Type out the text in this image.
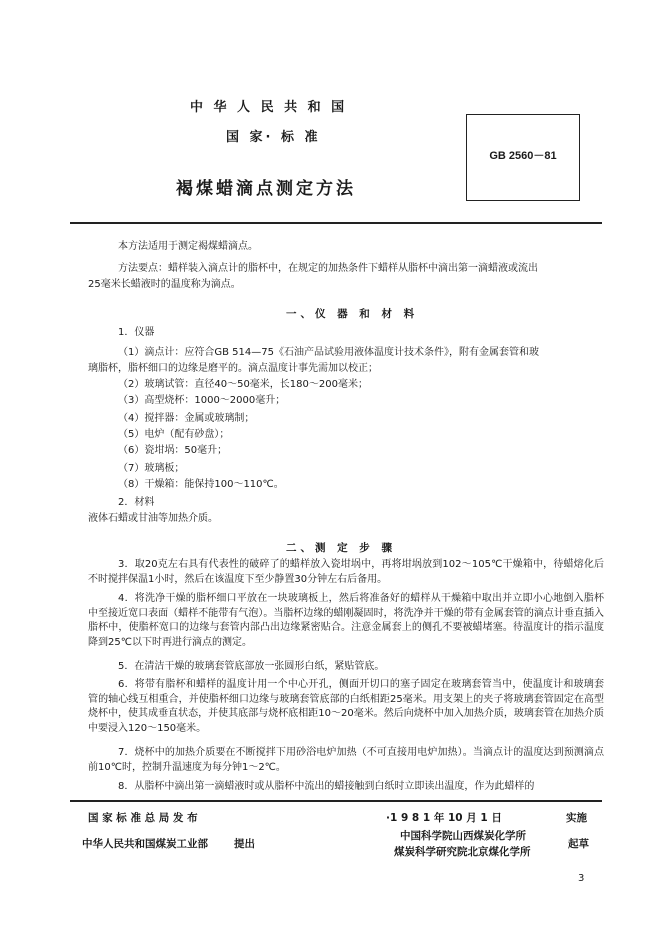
中 华 人 民 共 和 国
国 家· 标 准
褐煤蜡滴点测定方法
GB 2560－81
本方法适用于测定褐煤蜡滴点。
方法要点：蜡样装入滴点计的脂杯中，在规定的加热条件下蜡样从脂杯中滴出第一滴蜡液或流出
25毫米长蜡液时的温度称为滴点。
一、仪 器 和 材 料
1．仪器
（1）滴点计：应符合GB 514—75《石油产品试验用液体温度计技术条件》，附有金属套管和玻
璃脂杯，脂杯细口的边缘是磨平的。滴点温度计事先需加以校正；
（2）玻璃试管：直径40～50毫米，长180～200毫米；
（3）高型烧杯：1000～2000毫升；
（4）搅拌器：金属或玻璃制；
（5）电炉（配有砂盘）；
（6）瓷坩埚：50毫升；
（7）玻璃板；
（8）干燥箱：能保持100～110℃。
2．材料
液体石蜡或甘油等加热介质。
二、测 定 步 骤
3．取20克左右具有代表性的破碎了的蜡样放入瓷坩埚中，再将坩埚放到102～105℃干燥箱中，待蜡熔化后不时搅拌保温1小时，然后在该温度下至少静置30分钟左右后备用。
4．将洗净干燥的脂杯细口平放在一块玻璃板上，然后将准备好的蜡样从干燥箱中取出并立即小心地倒入脂杯中至接近宽口表面（蜡样不能带有气泡）。当脂杯边缘的蜡刚凝固时，将洗净并干燥的带有金属套管的滴点计垂直插入脂杯中，使脂杯宽口的边缘与套管内部凸出边缘紧密贴合。注意金属套上的侧孔不要被蜡堵塞。待温度计的指示温度降到25℃以下时再进行滴点的测定。
5．在清洁干燥的玻璃套管底部放一张圆形白纸，紧贴管底。
6．将带有脂杯和蜡样的温度计用一个中心开孔，侧面开切口的塞子固定在玻璃套管当中，使温度计和玻璃套管的轴心线互相重合，并使脂杯细口边缘与玻璃套管底部的白纸相距25毫米。用支架上的夹子将玻璃套管固定在高型烧杯中，使其成垂直状态，并使其底部与烧杯底相距10～20毫米。然后向烧杯中加入加热介质，玻璃套管在加热介质中要浸入120～150毫米。
7．烧杯中的加热介质要在不断搅拌下用砂浴电炉加热（不可直接用电炉加热）。当滴点计的温度达到预测滴点前10℃时，控制升温速度为每分钟1～2℃。
8．从脂杯中滴出第一滴蜡液时或从脂杯中流出的蜡接触到白纸时立即读出温度，作为此蜡样的
国 家 标 准 总 局 发 布
中华人民共和国煤炭工业部 提出
·1 9 8 1 年 10 月 1 日	实施
中国科学院山西煤炭化学所
煤炭科学研究院北京煤化学所
起草
3
